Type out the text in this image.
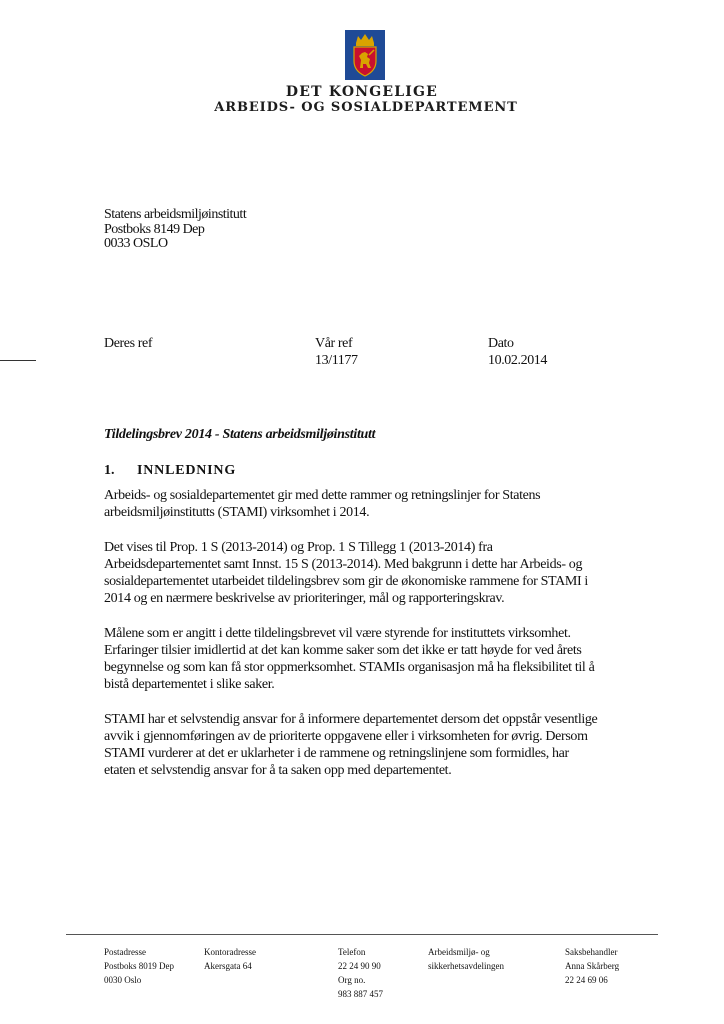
DET KONGELIGE
ARBEIDS- OG SOSIALDEPARTEMENT
Statens arbeidsmiljøinstitutt
Postboks 8149 Dep
0033 OSLO
Deres ref	Vår ref
13/1177
Dato
10.02.2014
Tildelingsbrev 2014 - Statens arbeidsmiljøinstitutt
1. INNLEDNING

Arbeids- og sosialdepartementet gir med dette rammer og retningslinjer for Statens
arbeidsmiljøinstitutts (STAMI) virksomhet i 2014.

Det vises til Prop. 1 S (2013-2014) og Prop. 1 S Tillegg 1 (2013-2014) fra
Arbeidsdepartementet samt Innst. 15 S (2013-2014). Med bakgrunn i dette har Arbeids- og
sosialdepartementet utarbeidet tildelingsbrev som gir de økonomiske rammene for STAMI i
2014 og en nærmere beskrivelse av prioriteringer, mål og rapporteringskrav.

Målene som er angitt i dette tildelingsbrevet vil være styrende for instituttets virksomhet.
Erfaringer tilsier imidlertid at det kan komme saker som det ikke er tatt høyde for ved årets
begynnelse og som kan få stor oppmerksomhet. STAMIs organisasjon må ha fleksibilitet til å
bistå departementet i slike saker.

STAMI har et selvstendig ansvar for å informere departementet dersom det oppstår vesentlige
avvik i gjennomføringen av de prioriterte oppgavene eller i virksomheten for øvrig. Dersom
STAMI vurderer at det er uklarheter i de rammene og retningslinjene som formidles, har
etaten et selvstendig ansvar for å ta saken opp med departementet.

Postadresse
Postboks 8019 Dep
0030 Oslo
Kontoradresse
Akersgata 64
Telefon
22 24 90 90
Org no.
983 887 457
Arbeidsmiljø- og
sikkerhetsavdelingen
Saksbehandler
Anna Skårberg
22 24 69 06
